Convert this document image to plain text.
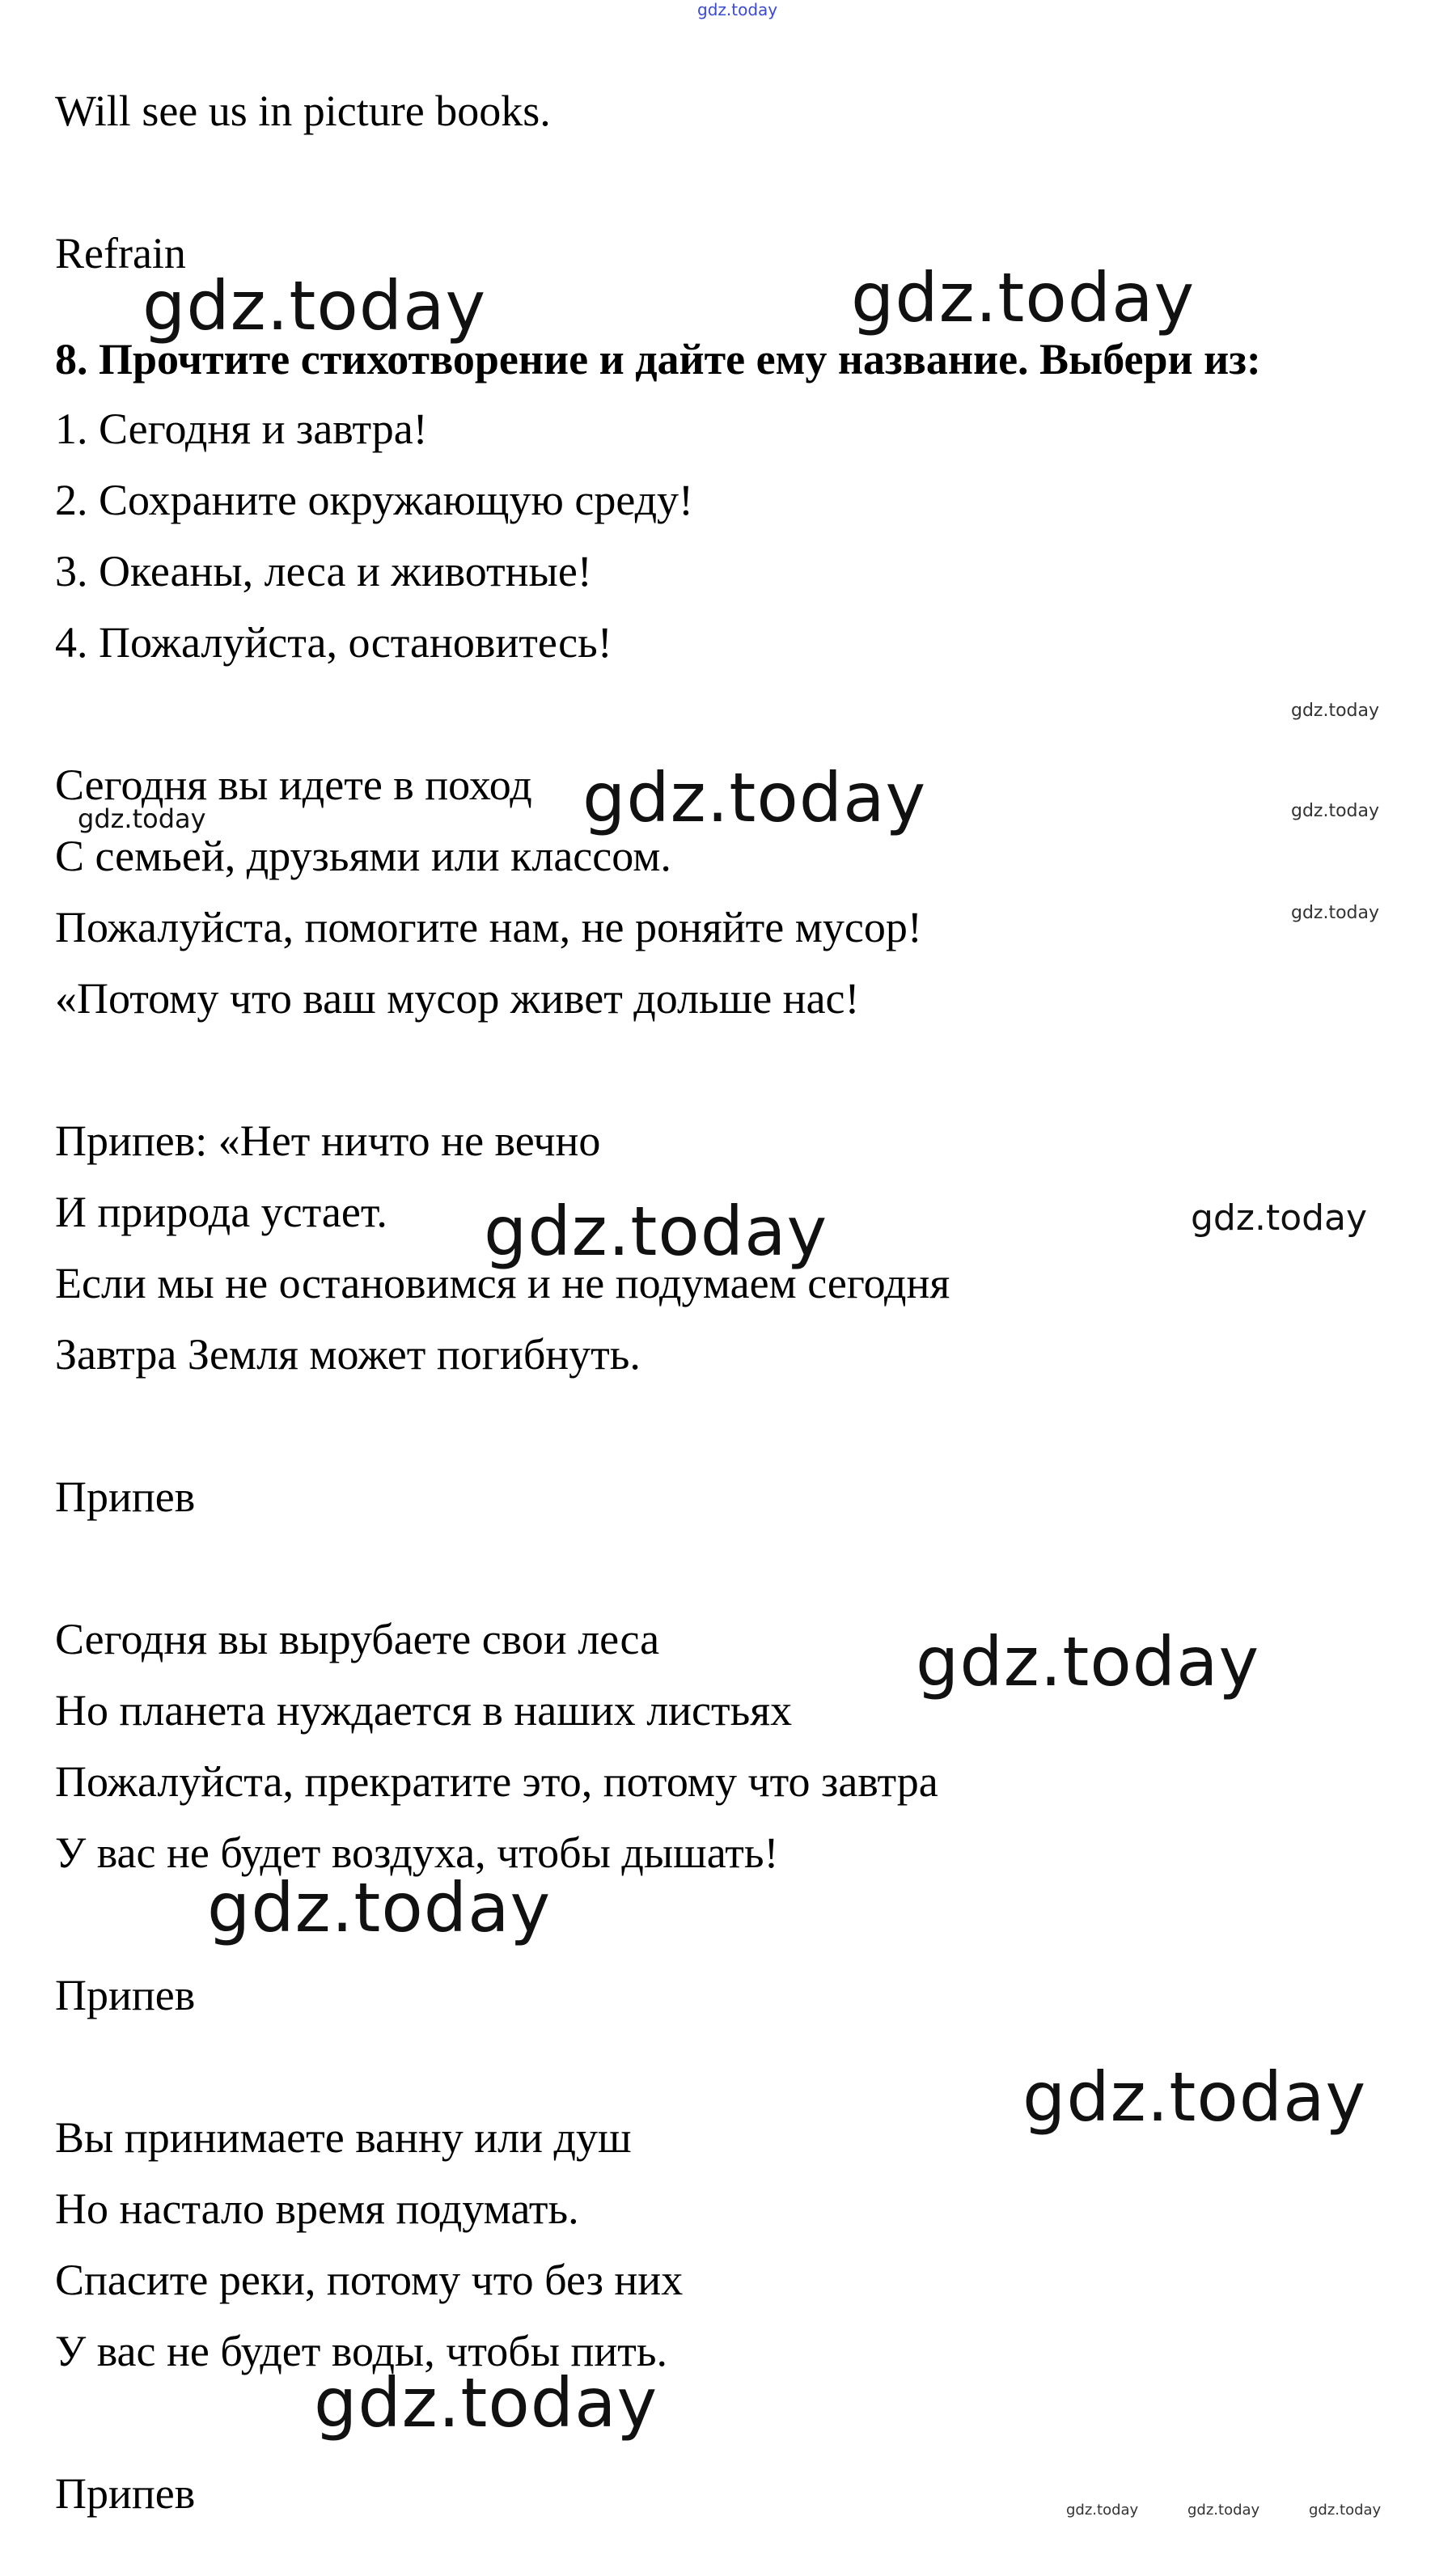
gdz.today

Will see us in picture books.

Refrain

8. Прочтите стихотворение и дайте ему название. Выбери из:

1. Сегодня и завтра!

2. Сохраните окружающую среду!

3. Океаны, леса и животные!

4. Пожалуйста, остановитесь!

Сегодня вы идете в поход

С семьей, друзьями или классом.

Пожалуйста, помогите нам, не роняйте мусор!

«Потому что ваш мусор живет дольше нас!

Припев: «Нет ничто не вечно

И природа устает.

Если мы не остановимся и не подумаем сегодня

Завтра Земля может погибнуть.

Припев

Сегодня вы вырубаете свои леса

Но планета нуждается в наших листьях

Пожалуйста, прекратите это, потому что завтра

У вас не будет воздуха, чтобы дышать!

Припев

Вы принимаете ванну или душ

Но настало время подумать.

Спасите реки, потому что без них

У вас не будет воды, чтобы пить.

Припев

gdz.today	gdz.today
gdz.today
gdz.today
gdz.today
gdz.today
gdz.today
gdz.today
gdz.today
gdz.today
gdz.today
gdz.today
gdz.today
gdz.today	gdz.today	gdz.today
